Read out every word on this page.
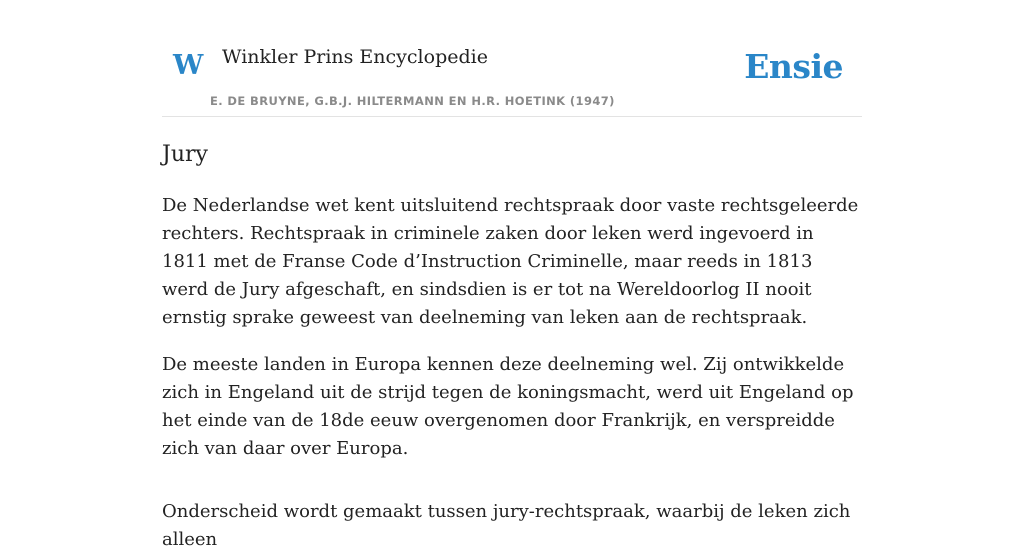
W Winkler Prins Encyclopedie
E. DE BRUYNE, G.B.J. HILTERMANN EN H.R. HOETINK (1947)
Ensie
Jury

De Nederlandse wet kent uitsluitend rechtspraak door vaste rechtsgeleerde rechters. Rechtspraak in criminele zaken door leken werd ingevoerd in 1811 met de Franse Code d’Instruction Criminelle, maar reeds in 1813 werd de Jury afgeschaft, en sindsdien is er tot na Wereldoorlog II nooit ernstig sprake geweest van deelneming van leken aan de rechtspraak.

De meeste landen in Europa kennen deze deelneming wel. Zij ontwikkelde zich in Engeland uit de strijd tegen de koningsmacht, werd uit Engeland op het einde van de 18de eeuw overgenomen door Frankrijk, en verspreidde zich van daar over Europa.

Onderscheid wordt gemaakt tussen jury-rechtspraak, waarbij de leken zich alleen
